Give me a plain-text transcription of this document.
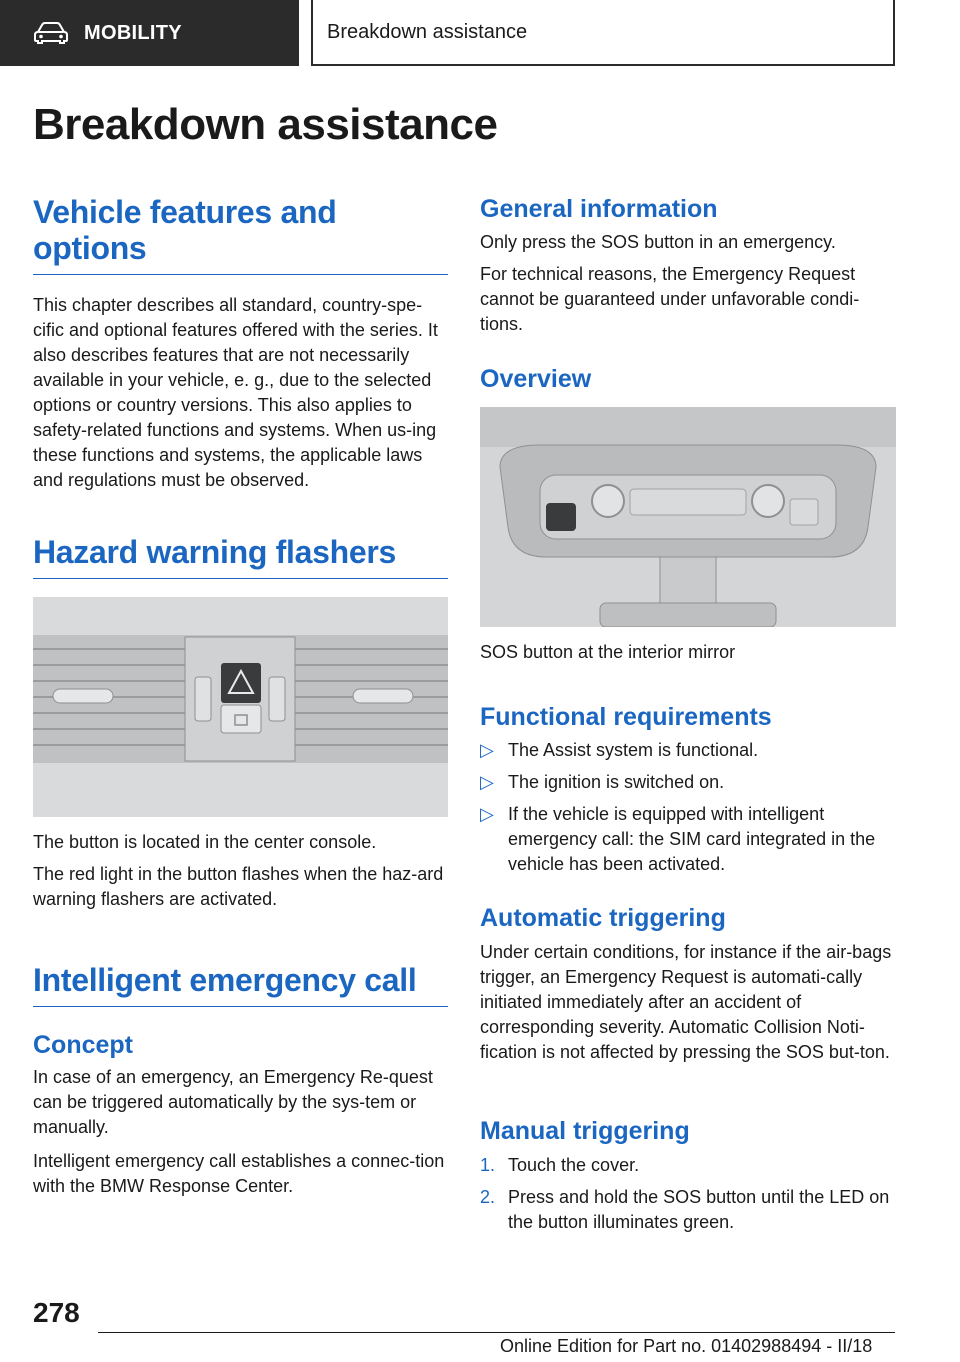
MOBILITY	Breakdown assistance
Breakdown assistance
Vehicle features and options

This chapter describes all standard, country-spe-cific and optional features offered with the series. It also describes features that are not necessarily available in your vehicle, e. g., due to the selected options or country versions. This also applies to safety-related functions and systems. When us-ing these functions and systems, the applicable laws and regulations must be observed.

Hazard warning flashers

The button is located in the center console.

The red light in the button flashes when the haz-ard warning flashers are activated.

Intelligent emergency call
Concept

In case of an emergency, an Emergency Re-quest can be triggered automatically by the sys-tem or manually.

Intelligent emergency call establishes a connec-tion with the BMW Response Center.

General information

Only press the SOS button in an emergency.

For technical reasons, the Emergency Request cannot be guaranteed under unfavorable condi-tions.

Overview

SOS button at the interior mirror

Functional requirements
▷ The Assist system is functional.
▷ The ignition is switched on.
▷ If the vehicle is equipped with intelligent emergency call: the SIM card integrated in the vehicle has been activated.
Automatic triggering

Under certain conditions, for instance if the air-bags trigger, an Emergency Request is automati-cally initiated immediately after an accident of corresponding severity. Automatic Collision Noti-fication is not affected by pressing the SOS but-ton.

Manual triggering
1. Touch the cover.
2. Press and hold the SOS button until the LED on the button illuminates green.
278
Online Edition for Part no. 01402988494 - II/18
